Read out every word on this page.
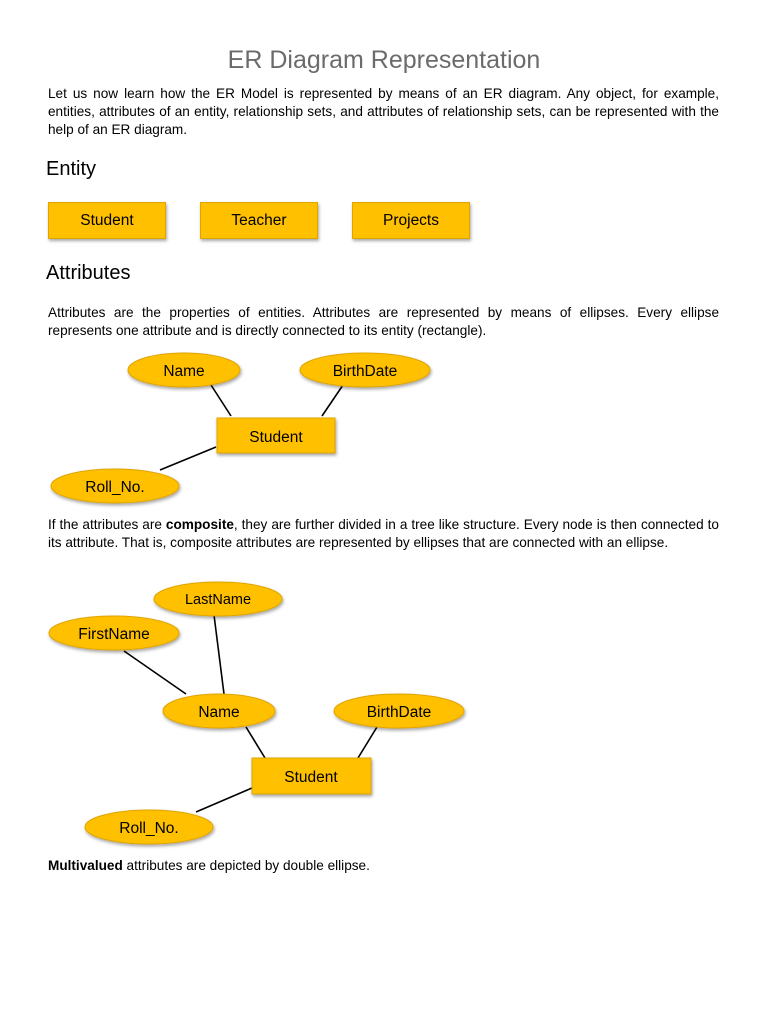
ER Diagram Representation

Let us now learn how the ER Model is represented by means of an ER diagram. Any object, for example, entities, attributes of an entity, relationship sets, and attributes of relationship sets, can be represented with the help of an ER diagram.

Entity
Student	Teacher	Projects
Attributes

Attributes are the properties of entities. Attributes are represented by means of ellipses. Every ellipse represents one attribute and is directly connected to its entity (rectangle).

Name	BirthDate
Student
Roll_No.

If the attributes are composite, they are further divided in a tree like structure. Every node is then connected to its attribute. That is, composite attributes are represented by ellipses that are connected with an ellipse.

LastName
FirstName
Name	BirthDate
Student
Roll_No.

Multivalued attributes are depicted by double ellipse.
